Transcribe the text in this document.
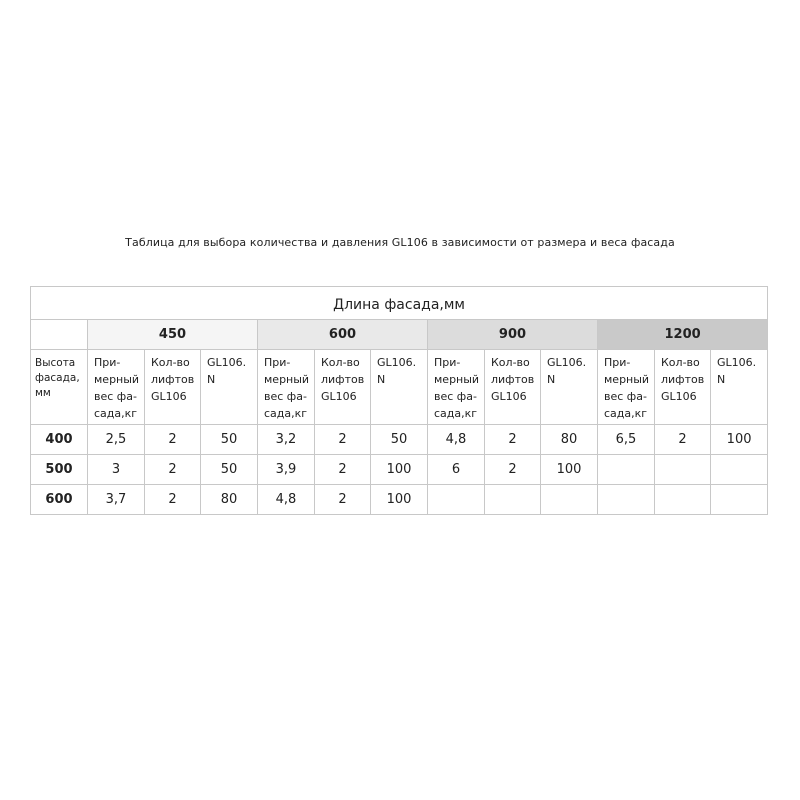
Таблица для выбора количества и давления GL106 в зависимости от размера и веса фасада
Длина фасада,мм												
	450			600			900			1200		

Высота
фасада,
мм	При-
мерный
вес фа-
сада,кг	Кол-во
лифтов
GL106	GL106.
N	При-
мерный
вес фа-
сада,кг	Кол-во
лифтов
GL106	GL106.
N	При-
мерный
вес фа-
сада,кг	Кол-во
лифтов
GL106	GL106.
N	При-
мерный
вес фа-
сада,кг	Кол-во
лифтов
GL106	GL106.
N

400	2,5	2	50	3,2	2	50	4,8	2	80	6,5	2	100
500	3	2	50	3,9	2	100	6	2	100			
600	3,7	2	80	4,8	2	100						
